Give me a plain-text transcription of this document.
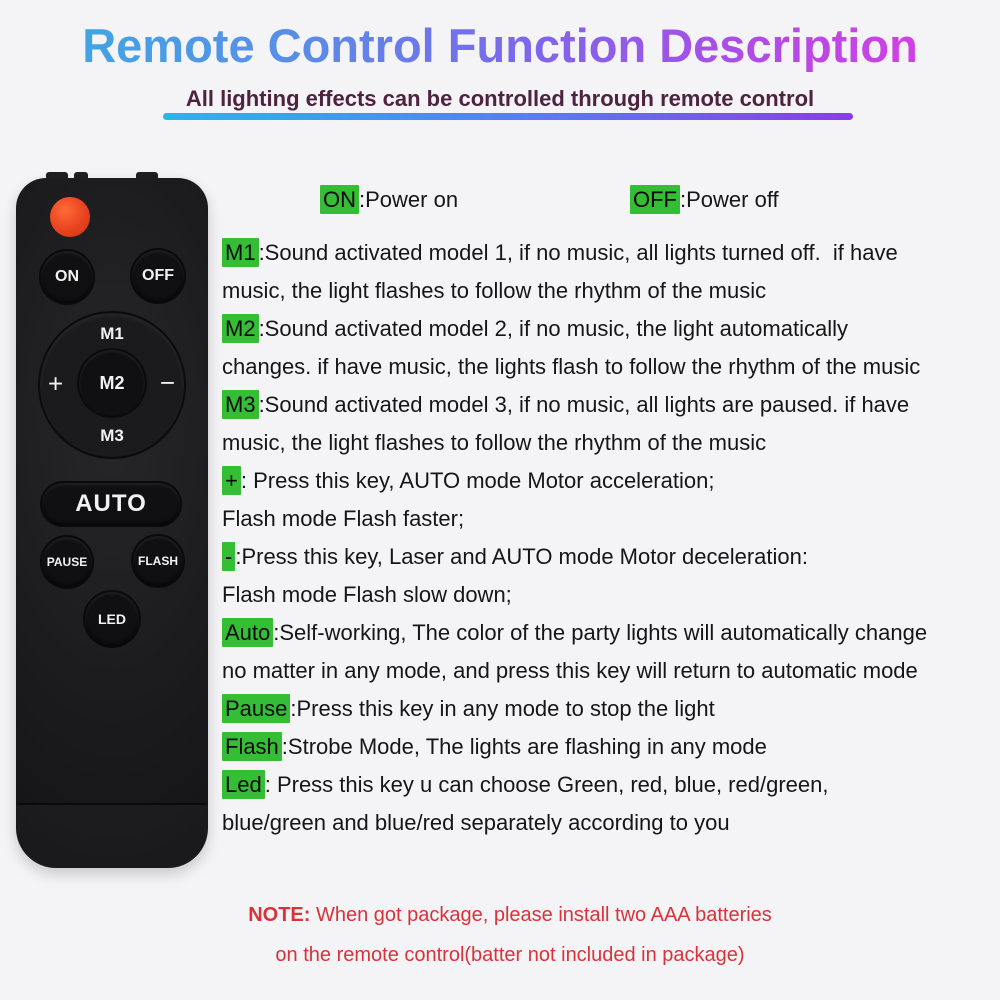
Remote Control Function Description
All lighting effects can be controlled through remote control
ON	OFF
M1
+	−
M3
M2
AUTO
PAUSE	FLASH
LED
ON :Power on	OFF :Power off
M1 :Sound activated model 1, if no music, all lights turned off.  if have
music, the light flashes to follow the rhythm of the music
M2 :Sound activated model 2, if no music, the light automatically
changes. if have music, the lights flash to follow the rhythm of the music
M3 :Sound activated model 3, if no music, all lights are paused. if have
music, the light flashes to follow the rhythm of the music
+ : Press this key, AUTO mode Motor acceleration;
Flash mode Flash faster;
- :Press this key, Laser and AUTO mode Motor deceleration:
Flash mode Flash slow down;
Auto :Self-working, The color of the party lights will automatically change
no matter in any mode, and press this key will return to automatic mode
Pause :Press this key in any mode to stop the light
Flash :Strobe Mode, The lights are flashing in any mode
Led : Press this key u can choose Green, red, blue, red/green,
blue/green and blue/red separately according to you
NOTE: When got package, please install two AAA batteries
on the remote control(batter not included in package)
